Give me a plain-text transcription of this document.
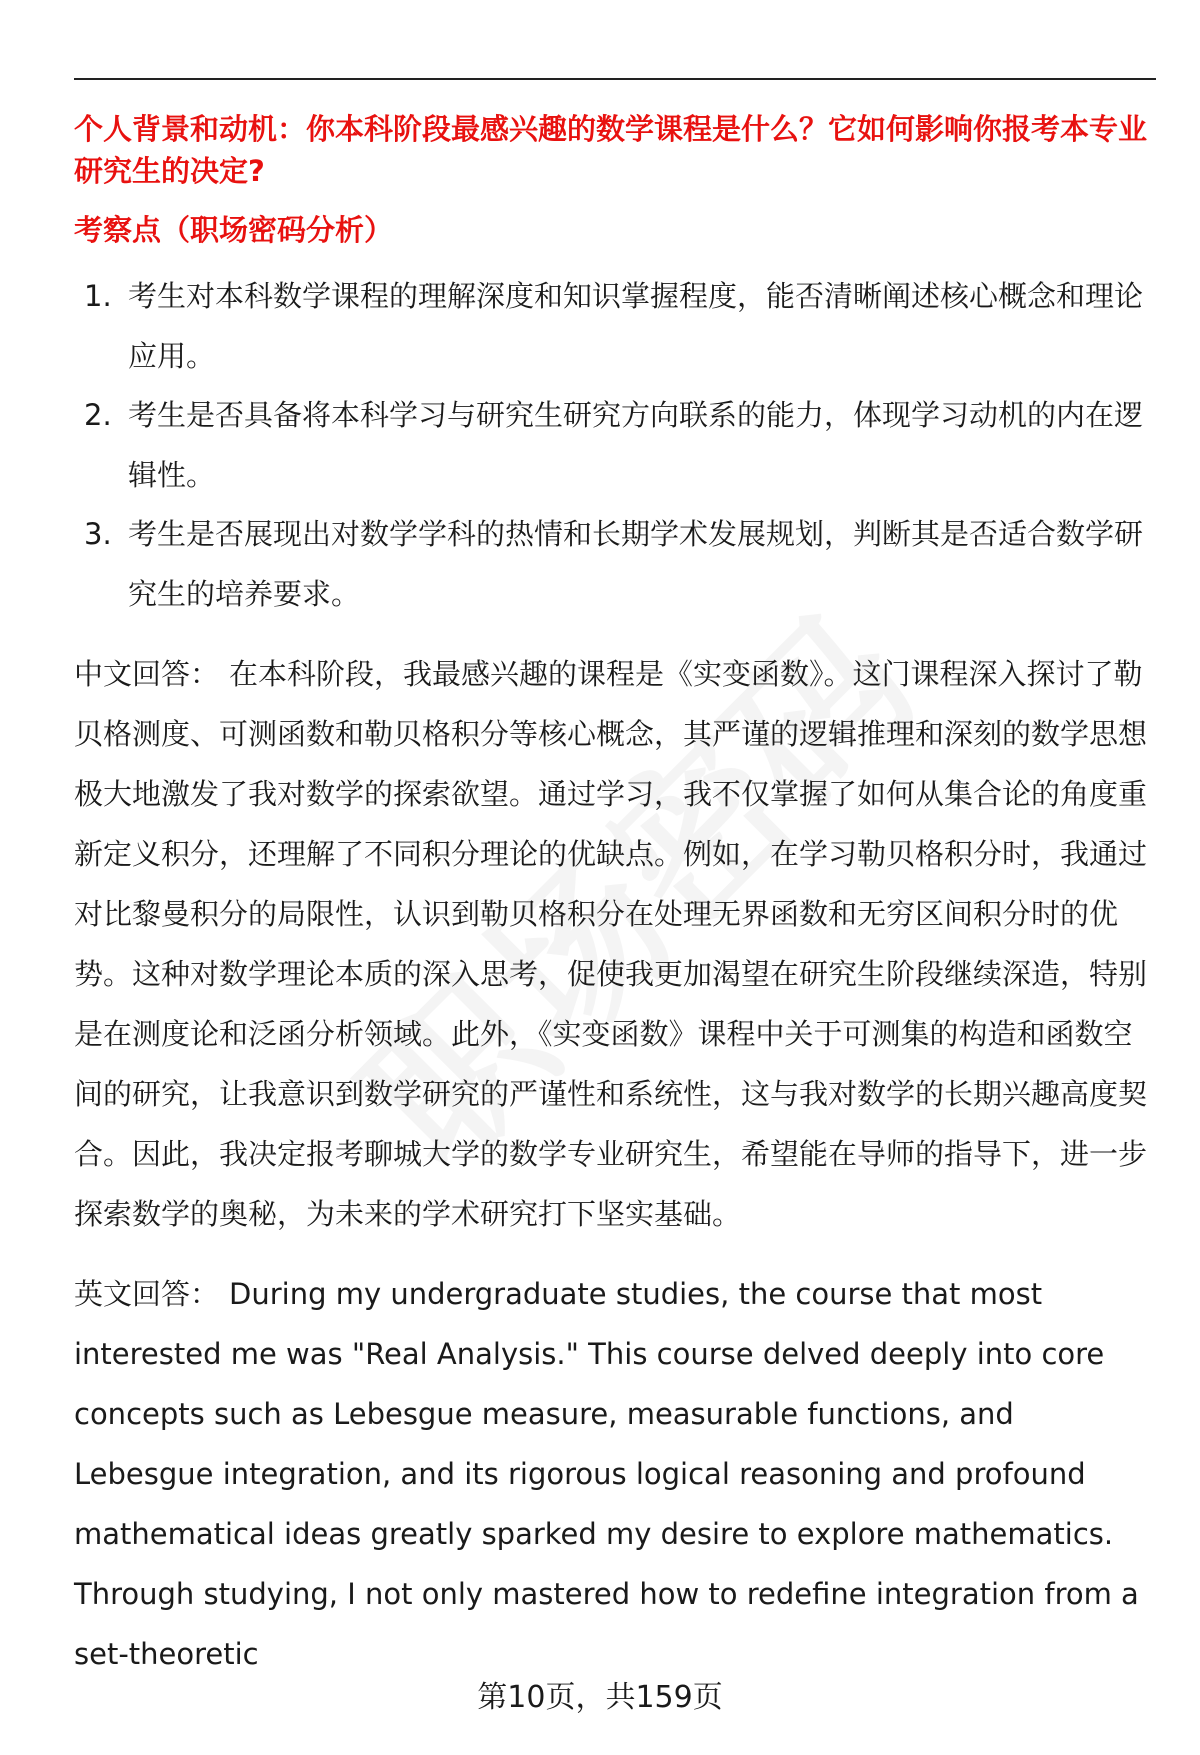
个人背景和动机：你本科阶段最感兴趣的数学课程是什么？它如何影响你报考本专业研究生的决定?

考察点（职场密码分析）

1. 考生对本科数学课程的理解深度和知识掌握程度，能否清晰阐述核心概念和理论应用。
2. 考生是否具备将本科学习与研究生研究方向联系的能力，体现学习动机的内在逻辑性。
3. 考生是否展现出对数学学科的热情和长期学术发展规划，判断其是否适合数学研究生的培养要求。

中文回答： 在本科阶段，我最感兴趣的课程是《实变函数》。这门课程深入探讨了勒贝格测度、可测函数和勒贝格积分等核心概念，其严谨的逻辑推理和深刻的数学思想极大地激发了我对数学的探索欲望。通过学习，我不仅掌握了如何从集合论的角度重新定义积分，还理解了不同积分理论的优缺点。例如，在学习勒贝格积分时，我通过对比黎曼积分的局限性，认识到勒贝格积分在处理无界函数和无穷区间积分时的优势。这种对数学理论本质的深入思考，促使我更加渴望在研究生阶段继续深造，特别是在测度论和泛函分析领域。此外，《实变函数》课程中关于可测集的构造和函数空间的研究，让我意识到数学研究的严谨性和系统性，这与我对数学的长期兴趣高度契合。因此，我决定报考聊城大学的数学专业研究生，希望能在导师的指导下，进一步探索数学的奥秘，为未来的学术研究打下坚实基础。

英文回答： During my undergraduate studies, the course that most interested me was "Real Analysis." This course delved deeply into core concepts such as Lebesgue measure, measurable functions, and Lebesgue integration, and its rigorous logical reasoning and profound mathematical ideas greatly sparked my desire to explore mathematics. Through studying, I not only mastered how to redefine integration from a set-theoretic

第10页，共159页
